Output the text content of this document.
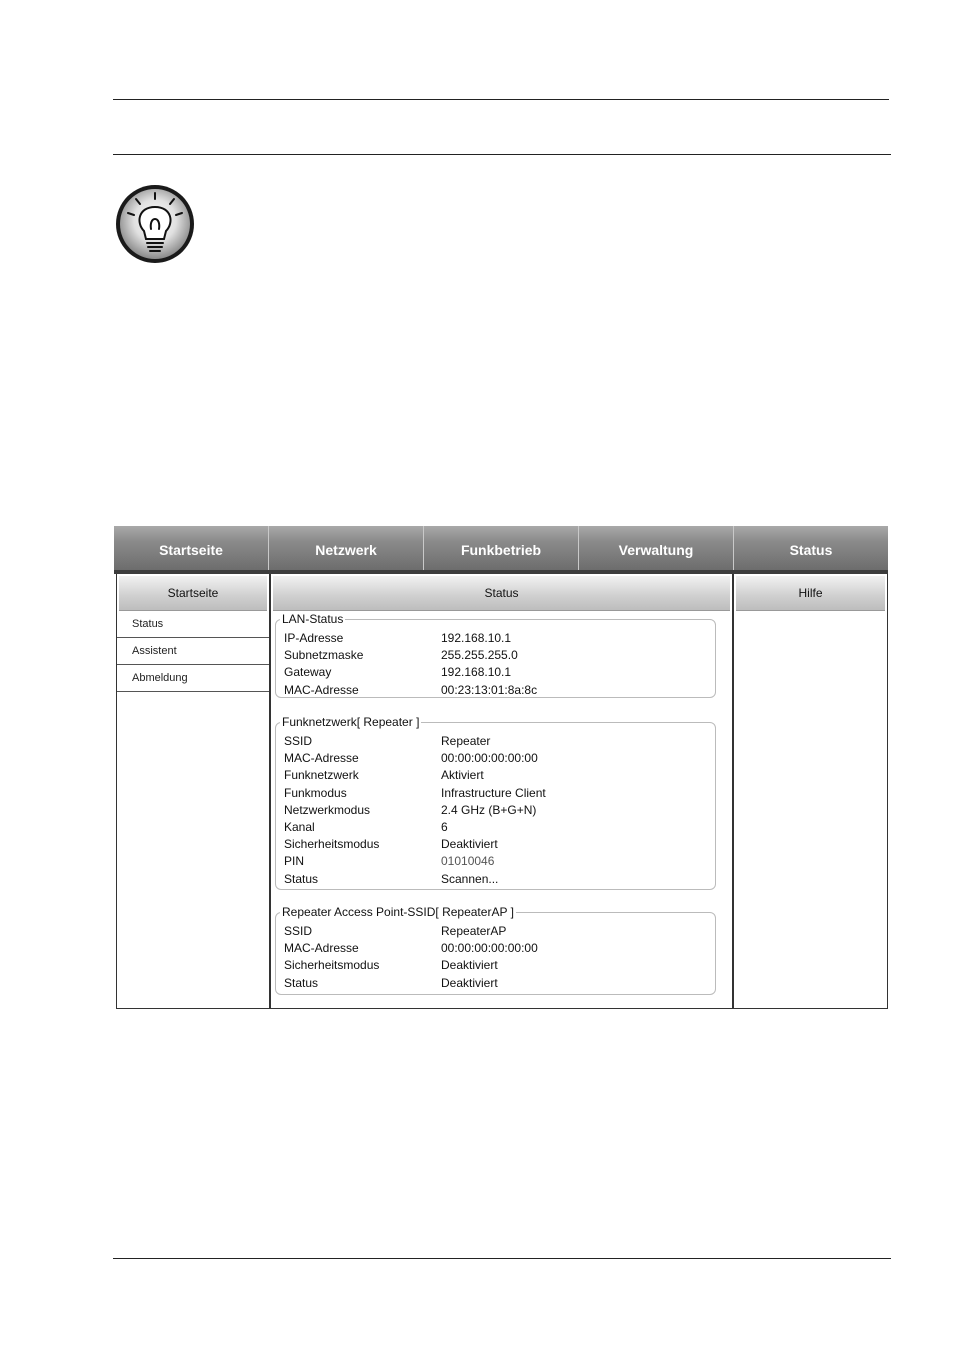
Startseite	Netzwerk	Funkbetrieb	Verwaltung	Status
Startseite
Status
Assistent
Abmeldung
Status
LAN-Status
IP-Adresse	192.168.10.1
Subnetzmaske	255.255.255.0
Gateway	192.168.10.1
MAC-Adresse	00:23:13:01:8a:8c
Funknetzwerk[ Repeater ]
SSID	Repeater
MAC-Adresse	00:00:00:00:00:00
Funknetzwerk	Aktiviert
Funkmodus	Infrastructure Client
Netzwerkmodus	2.4 GHz (B+G+N)
Kanal	6
Sicherheitsmodus	Deaktiviert
PIN	01010046
Status	Scannen...
Repeater Access Point-SSID[ RepeaterAP ]
SSID	RepeaterAP
MAC-Adresse	00:00:00:00:00:00
Sicherheitsmodus	Deaktiviert
Status	Deaktiviert
Hilfe
